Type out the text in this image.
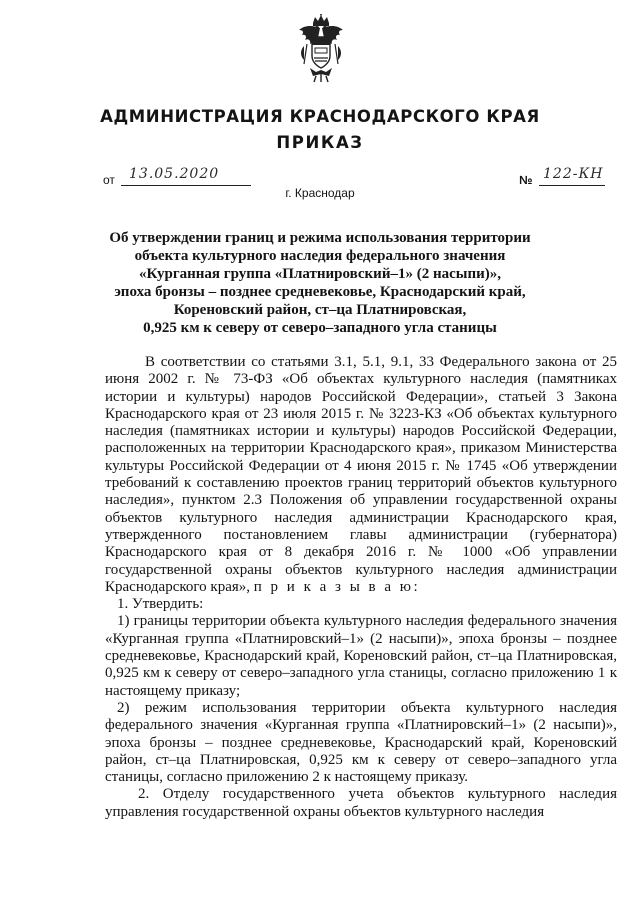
АДМИНИСТРАЦИЯ КРАСНОДАРСКОГО КРАЯ
ПРИКАЗ
от	13.05.2020	№ 122-КН
г. Краснодар
Об утверждении границ и режима использования территории
объекта культурного наследия федерального значения
«Курганная группа «Платнировский–1» (2 насыпи)»,
эпоха бронзы – позднее средневековье, Краснодарский край,
Кореновский район, ст–ца Платнировская,
0,925 км к северу от северо–западного угла станицы

В соответствии со статьями 3.1, 5.1, 9.1, 33 Федерального закона от 25 июня 2002 г. № 73-ФЗ «Об объектах культурного наследия (памятниках истории и культуры) народов Российской Федерации», статьей 3 Закона Краснодарского края от 23 июля 2015 г. № 3223-КЗ «Об объектах культурного наследия (памятниках истории и культуры) народов Российской Федерации, расположенных на территории Краснодарского края», приказом Министерства культуры Российской Федерации от 4 июня 2015 г. № 1745 «Об утверждении требований к составлению проектов границ территорий объектов культурного наследия», пунктом 2.3 Положения об управлении государственной охраны объектов культурного наследия администрации Краснодарского края, утвержденного постановлением главы администрации (губернатора) Краснодарского края от 8 декабря 2016 г. № 1000 «Об управлении государственной охраны объектов культурного наследия администрации Краснодарского края», п р и к а з ы в а ю:

1. Утвердить:

1) границы территории объекта культурного наследия федерального значения «Курганная группа «Платнировский–1» (2 насыпи)», эпоха бронзы – позднее средневековье, Краснодарский край, Кореновский район, ст–ца Платнировская, 0,925 км к северу от северо–западного угла станицы, согласно приложению 1 к настоящему приказу;

2) режим использования территории объекта культурного наследия федерального значения «Курганная группа «Платнировский–1» (2 насыпи)», эпоха бронзы – позднее средневековье, Краснодарский край, Кореновский район, ст–ца Платнировская, 0,925 км к северу от северо–западного угла станицы, согласно приложению 2 к настоящему приказу.

2. Отделу государственного учета объектов культурного наследия управления государственной охраны объектов культурного наследия
